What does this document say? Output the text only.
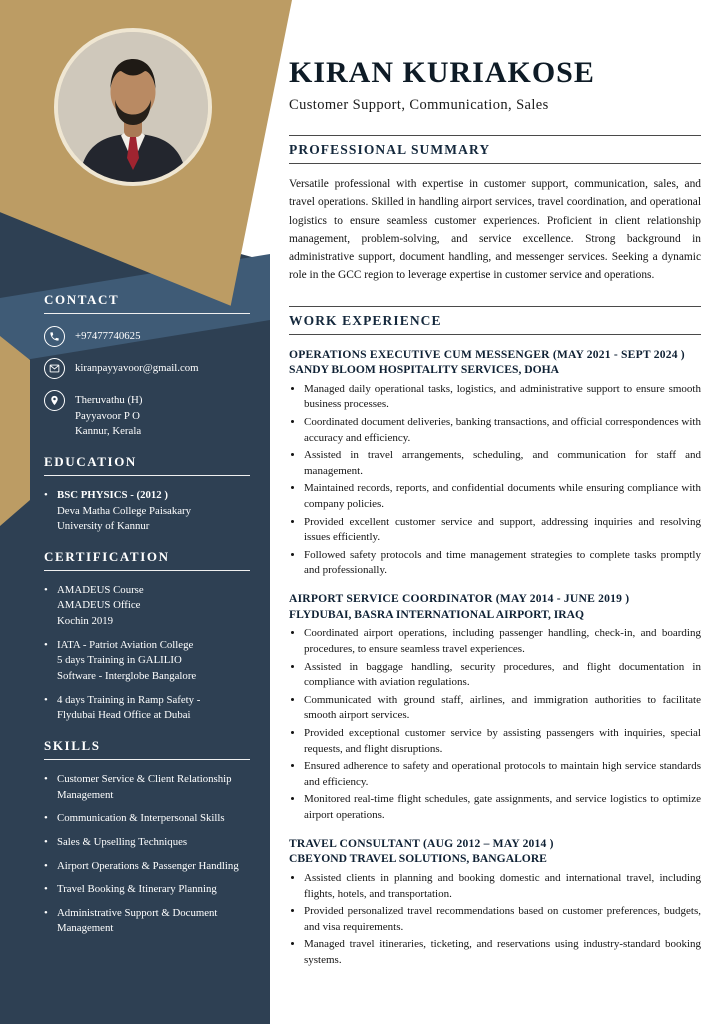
CONTACT
+97477740625
kiranpayyavoor@gmail.com
Theruvathu (H)
Payyavoor P O
Kannur, Kerala
EDUCATION
• BSC PHYSICS - (2012 )
Deva Matha College Paisakary
University of Kannur
CERTIFICATION
• AMADEUS Course
AMADEUS Office
Kochin 2019
• IATA - Patriot Aviation College
5 days Training in GALILIO
Software - Interglobe Bangalore
• 4 days Training in Ramp Safety -
Flydubai Head Office at Dubai
SKILLS
• Customer Service & Client Relationship Management
• Communication & Interpersonal Skills
• Sales & Upselling Techniques
• Airport Operations & Passenger Handling
• Travel Booking & Itinerary Planning
• Administrative Support & Document Management
KIRAN KURIAKOSE

Customer Support, Communication, Sales

PROFESSIONAL SUMMARY

Versatile professional with expertise in customer support, communication, sales, and travel operations. Skilled in handling airport services, travel coordination, and operational logistics to ensure seamless customer experiences. Proficient in client relationship management, problem-solving, and service excellence. Strong background in administrative support, document handling, and messenger services. Seeking a dynamic role in the GCC region to leverage expertise in customer service and operations.

WORK EXPERIENCE
OPERATIONS EXECUTIVE CUM MESSENGER (MAY 2021 - SEPT 2024 )
SANDY BLOOM HOSPITALITY SERVICES, DOHA
• Managed daily operational tasks, logistics, and administrative support to ensure smooth business processes.
• Coordinated document deliveries, banking transactions, and official correspondences with accuracy and efficiency.
• Assisted in travel arrangements, scheduling, and communication for staff and management.
• Maintained records, reports, and confidential documents while ensuring compliance with company policies.
• Provided excellent customer service and support, addressing inquiries and resolving issues efficiently.
• Followed safety protocols and time management strategies to complete tasks promptly and professionally.
AIRPORT SERVICE COORDINATOR (MAY 2014 - JUNE 2019 )
FLYDUBAI, BASRA INTERNATIONAL AIRPORT, IRAQ
• Coordinated airport operations, including passenger handling, check-in, and boarding procedures, to ensure seamless travel experiences.
• Assisted in baggage handling, security procedures, and flight documentation in compliance with aviation regulations.
• Communicated with ground staff, airlines, and immigration authorities to facilitate smooth airport services.
• Provided exceptional customer service by assisting passengers with inquiries, special requests, and flight disruptions.
• Ensured adherence to safety and operational protocols to maintain high service standards and efficiency.
• Monitored real-time flight schedules, gate assignments, and service logistics to optimize airport operations.
TRAVEL CONSULTANT (AUG 2012 – MAY 2014 )
CBEYOND TRAVEL SOLUTIONS, BANGALORE
• Assisted clients in planning and booking domestic and international travel, including flights, hotels, and transportation.
• Provided personalized travel recommendations based on customer preferences, budgets, and visa requirements.
• Managed travel itineraries, ticketing, and reservations using industry-standard booking systems.
